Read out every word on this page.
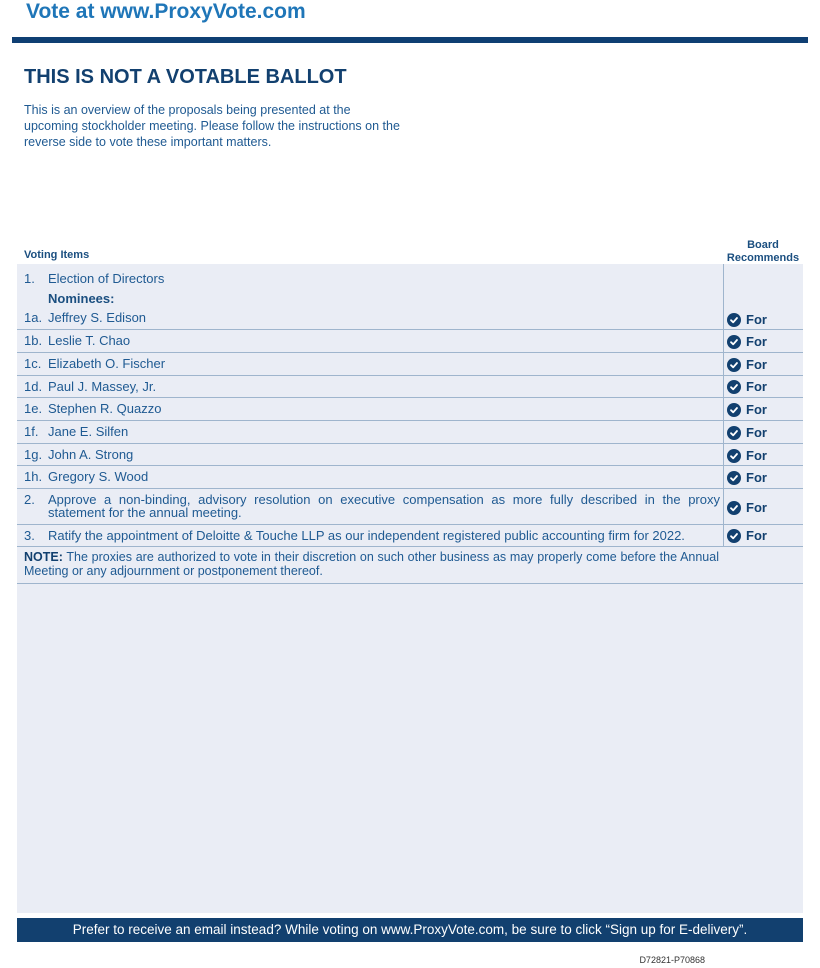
Vote at www.ProxyVote.com
THIS IS NOT A VOTABLE BALLOT
This is an overview of the proposals being presented at the upcoming stockholder meeting. Please follow the instructions on the reverse side to vote these important matters.
Voting Items
Board
Recommends
1. Election of Directors
Nominees:
1a. Jeffrey S. Edison
1b. Leslie T. Chao
1c. Elizabeth O. Fischer
1d. Paul J. Massey, Jr.
1e. Stephen R. Quazzo
1f. Jane E. Silfen
1g. John A. Strong
1h. Gregory S. Wood
2. Approve a non-binding, advisory resolution on executive compensation as more fully described in the proxy statement for the annual meeting.
3. Ratify the appointment of Deloitte & Touche LLP as our independent registered public accounting firm for 2022.
For
For
For
For
For
For
For
For
For
For
NOTE: The proxies are authorized to vote in their discretion on such other business as may properly come before the Annual Meeting or any adjournment or postponement thereof.
Prefer to receive an email instead? While voting on www.ProxyVote.com, be sure to click “Sign up for E-delivery”.
D72821-P70868
